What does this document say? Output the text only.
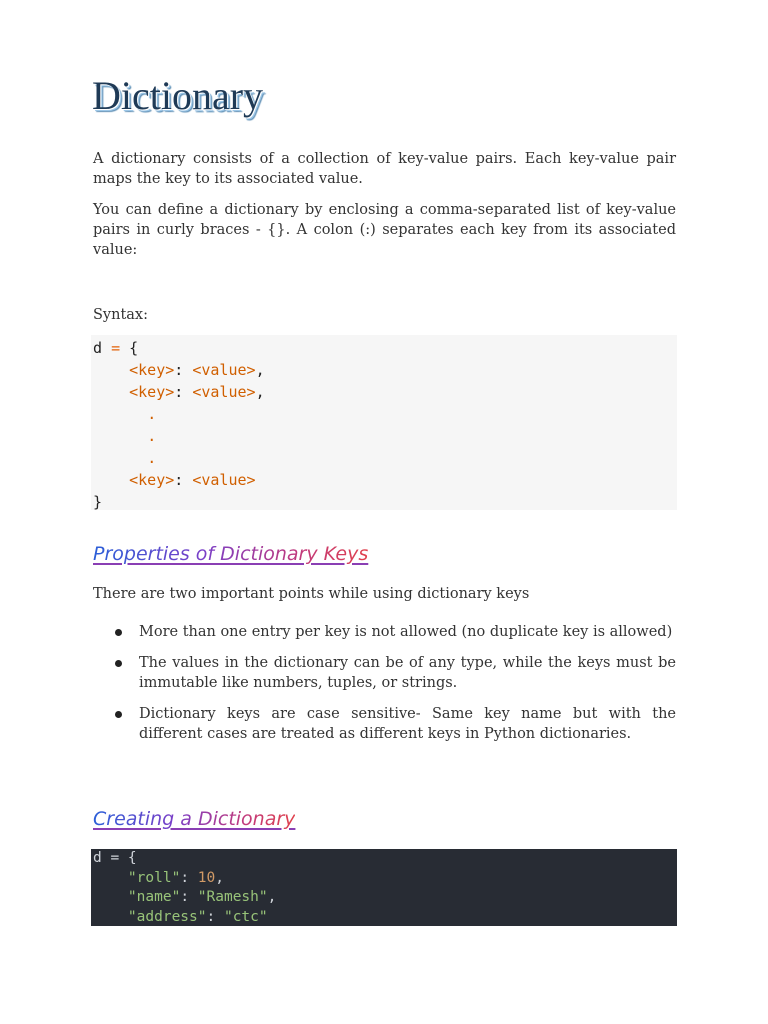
Dictionary

A dictionary consists of a collection of key-value pairs. Each key-value pair maps the key to its associated value.

You can define a dictionary by enclosing a comma-separated list of key-value pairs in curly braces - {}. A colon (:) separates each key from its associated value:

Syntax:

d = {
<key>: <value>,
<key>: <value>,
.
.
.
<key>: <value>
}
Properties of Dictionary Keys

There are two important points while using dictionary keys

More than one entry per key is not allowed (no duplicate key is allowed)
The values in the dictionary can be of any type, while the keys must be immutable like numbers, tuples, or strings.
Dictionary keys are case sensitive- Same key name but with the different cases are treated as different keys in Python dictionaries.
Creating a Dictionary
d = {
"roll": 10,
"name": "Ramesh",
"address": "ctc"
